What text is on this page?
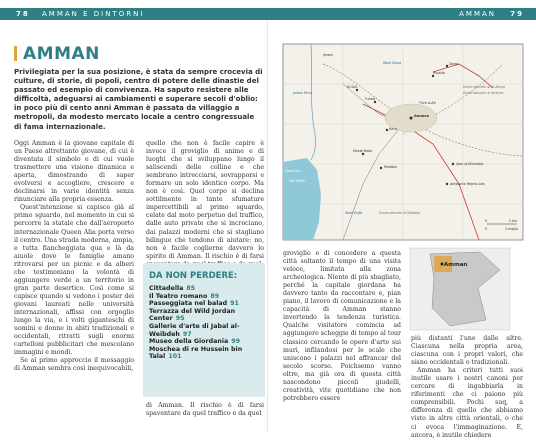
78 AMMAN E DINTORNI	AMMAN 79
AMMAN
Privilegiata per la sua posizione, è stata da sempre crocevia di culture, di storie, di popoli, centro di potere delle dinastie del passato ed esempio di convivenza. Ha saputo resistere alle difficoltà, adeguarsi ai cambiamenti e superare secoli d'oblio: in poco più di cento anni Amman è passata da villaggio a metropoli, da modesto mercato locale a centro congressuale di fama internazionale.

Oggi Amman è la giovane capitale di un Paese altrettanto giovane, di cui è diventata il simbolo e di cui vuole trasmettere una visione dinamica e aperta, dimostrando di saper evolversi e accogliere, crescere e declinarsi in varie identità senza rinunciare alla propria essenza.

Quest'intenzione si capisce già al primo sguardo, nel momento in cui si percorre la statale che dall'aeroporto internazionale Queen Alia porta verso il centro. Una strada moderna, ampia, e tutta fiancheggiata qua e là da aiuole dove le famiglie amano ritrovarsi per un picnic e da alberi che testimoniano la volontà di aggiungere verde a un territorio in gran parte desertico. Così come si capisce quando si vedono i poster dei giovani laureati nelle università internazionali, affissi con orgoglio lungo la via, e i volti giganteschi di uomini e donne in abiti tradizionali e occidentali, ritratti sugli enormi cartelloni pubblicitari che mescolano immagini e mondi.

Se al primo approccio il messaggio di Amman sembra così inequivocabili,

quello che non è facile capire è invece il groviglio di anime e di luoghi che si sviluppano lungo il saliscendi delle colline e che sembrano intrecciarsi, sovrapporsi e formare un solo identico corpo. Ma non è così. Quel corpo si declina sottilmente in tante sfumature impercettibili al primo sguardo, celate dal moto perpetuo del traffico, dalle auto private che si incrociano, dai palazzi moderni che si stagliano bilingue che tendono di aiutare: no, non è facile coglierne davvero lo spirito di Amman. Il rischio è di farsi

DA NON PERDERE:
Cittadella 85
Il Teatro romano 89
Passeggiata nel balad 91
Terrazza del Wild Jordan Center 95
Gallerie d'arte di Jabal al-Weibdeh 97
Museo della Giordania 99
Moschea di re Hussein bin Talal 101
di Amman. Il rischio è di farsi spaventare da quel traffico e da quel
Al-Salt
Fuheis
Zarqa
Rusaifa
Na'ur
Madaba
Amman
Dead Sea
Mar Morto
Monte Nebo
Qasr al-Mushatta
Aeroporto Regina Alia
Tla'a al-Ali
Jerash
Jordan River
Wadi Mujib
Wadi Zarqa
Governatorato di Al-Zarqa
Governatorato di Amman
Governatorato di Madaba
0	5 km
0	3 miglia
groviglio e di concedere a questa città soltanto il tempo di una visita veloce, limitata alla zona archeologica. Niente di più sbagliato, perché la capitale giordana ha davvero tanto da raccontare e, pian piano, il lavoro di comunicazione e la capacità di Amman stanno invertendo la tendenza turistica. Qualche visitatore comincia ad aggiungere scheggie di tempo al tour classico cercando le opere d'arte sui muri, infilandosi per le scale che uniscono i palazzi nel affrancar del secolo scorso. Poichsemo vanno oltre, ma già ora di questa città nascondono piccoli giudelli, creatività, vite quotidiane che non potrebbero essere
Amman

più distanti l'une dalle altre. Ciascuna nella propria area, ciascuna con i propri valori, che siano occidentali o tradizionali.

Amman ha criteri tutti suoi inutile usare i nostri canoni per cercare di ingabbiarla in riferimenti che ci paiono più comprensibili. Pochi suq, a differenza di quello che abbiamo visto in altre città orientali, o che ci evoca l'immaginazione. E, ancora, è inutile chiedere
